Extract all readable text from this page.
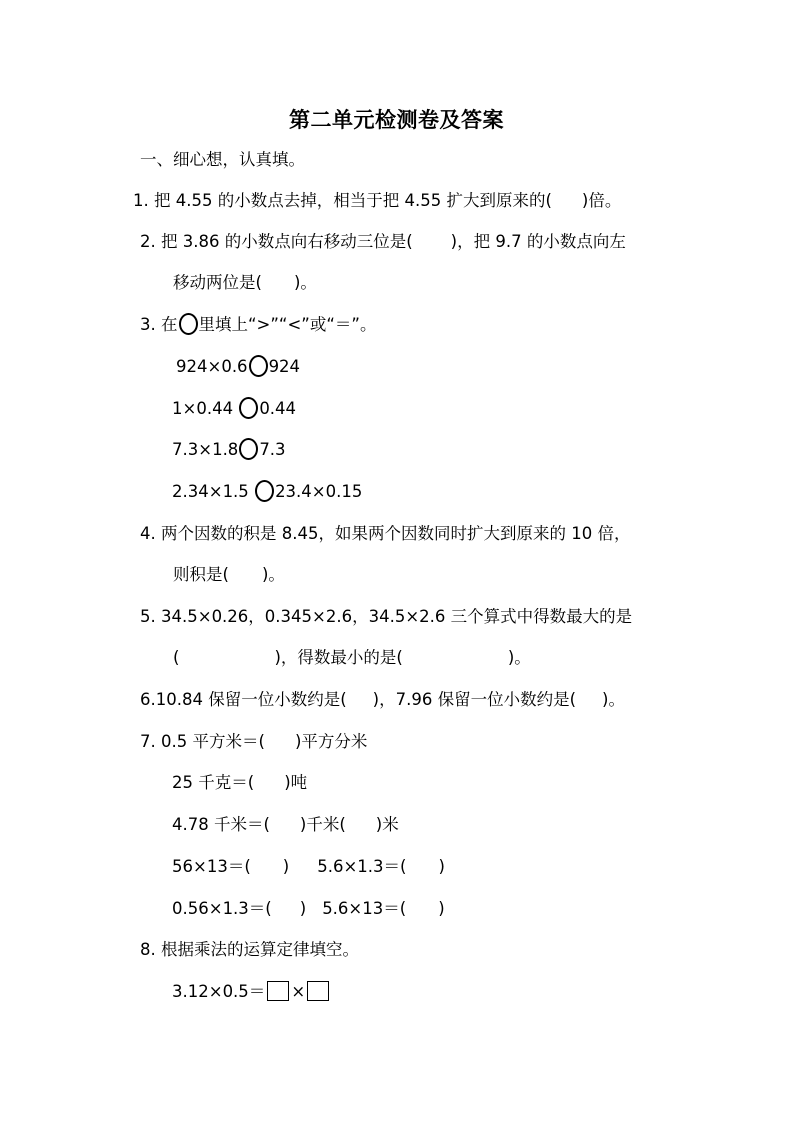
第二单元检测卷及答案
一、细心想，认真填。
1. 把 4.55 的小数点去掉，相当于把 4.55 扩大到原来的( )倍。
2. 把 3.86 的小数点向右移动三位是( )，把 9.7 的小数点向左
移动两位是( )。
3. 在 里填上“>”“<”或“＝”。
924×0.6 924
1×0.44 0.44
7.3×1.8 7.3
2.34×1.5 23.4×0.15
4. 两个因数的积是 8.45，如果两个因数同时扩大到原来的 10 倍，
则积是( )。
5. 34.5×0.26，0.345×2.6，34.5×2.6 三个算式中得数最大的是
(	)，得数最小的是(	)。
6.10.84 保留一位小数约是( )，7.96 保留一位小数约是( )。
7. 0.5 平方米＝( )平方分米
25 千克＝( )吨
4.78 千米＝( )千米( )米
56×13＝( ) 5.6×1.3＝( )
0.56×1.3＝( ) 5.6×13＝( )
8. 根据乘法的运算定律填空。
3.12×0.5＝ ×
